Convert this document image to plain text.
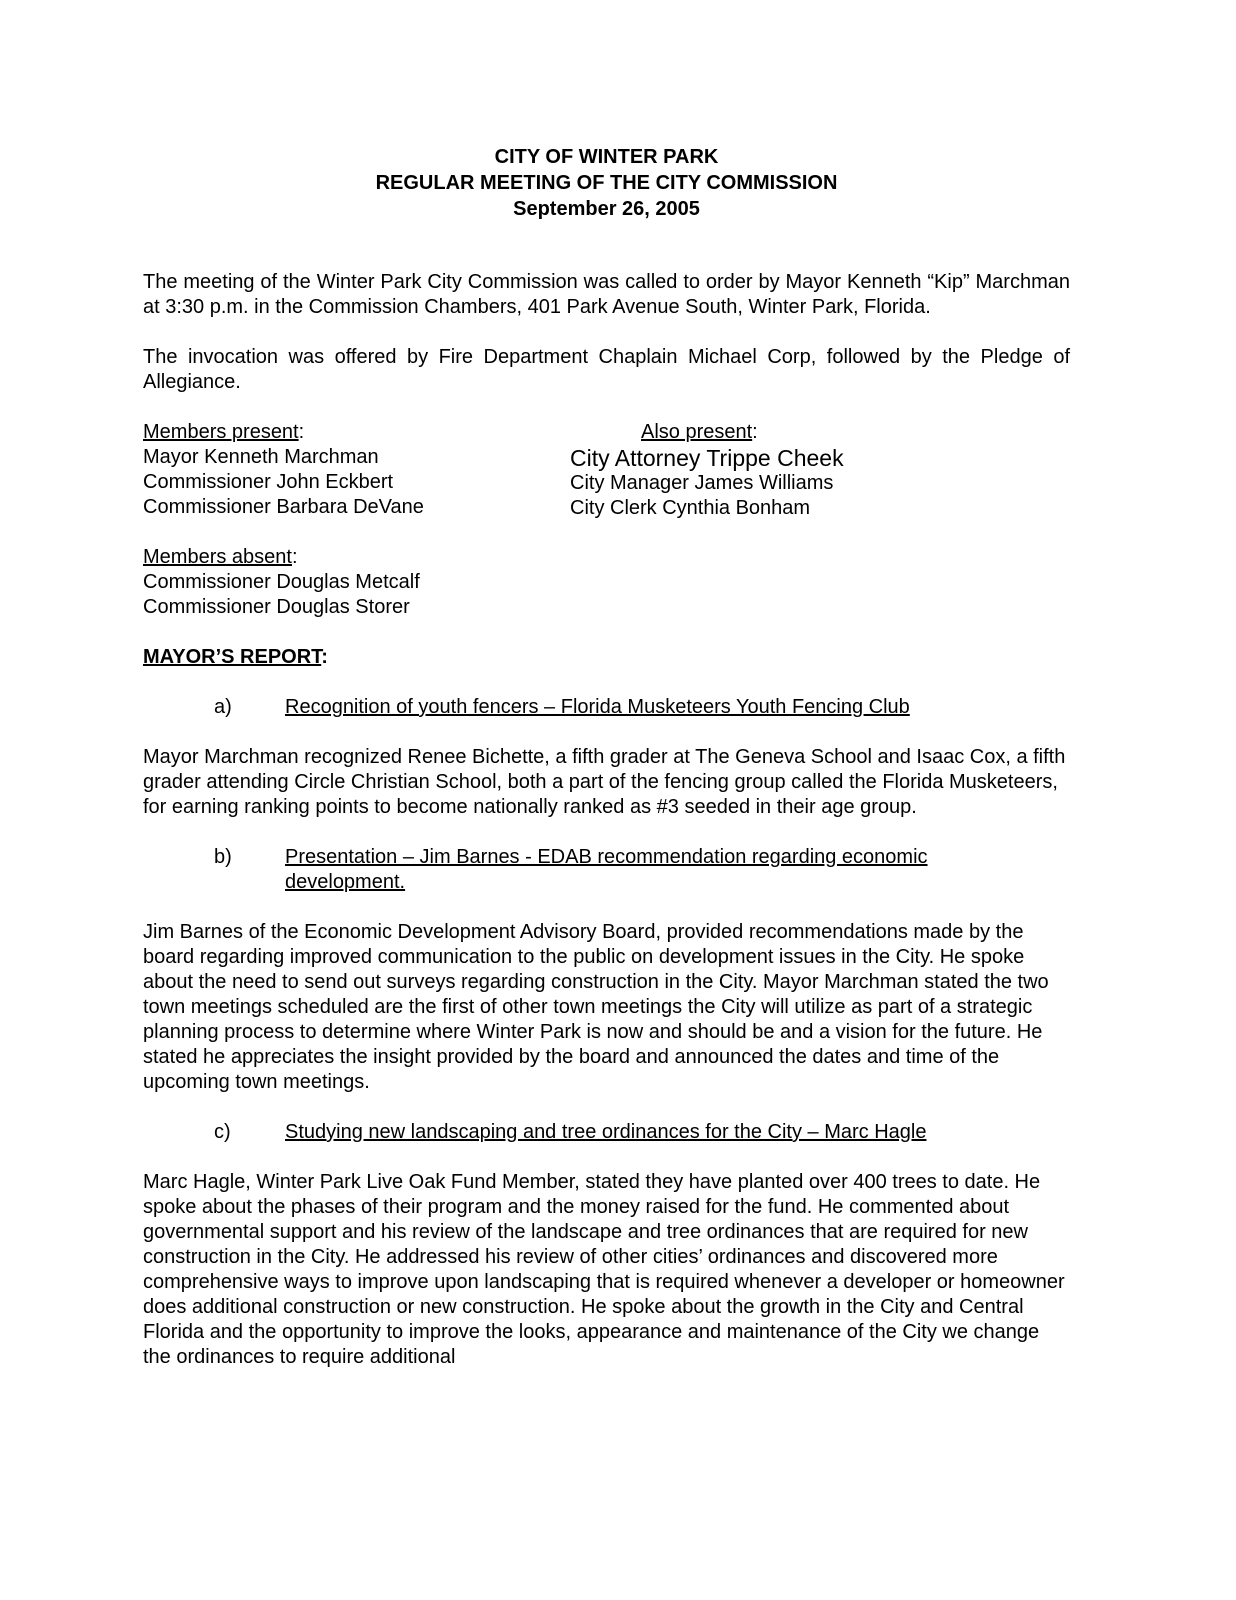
CITY OF WINTER PARK
REGULAR MEETING OF THE CITY COMMISSION
September 26, 2005

The meeting of the Winter Park City Commission was called to order by Mayor Kenneth “Kip” Marchman at 3:30 p.m. in the Commission Chambers, 401 Park Avenue South, Winter Park, Florida.

The invocation was offered by Fire Department Chaplain Michael Corp, followed by the Pledge of Allegiance.

Members present:
Mayor Kenneth Marchman
Commissioner John Eckbert
Commissioner Barbara DeVane
Also present:
City Attorney Trippe Cheek
City Manager James Williams
City Clerk Cynthia Bonham
Members absent:
Commissioner Douglas Metcalf
Commissioner Douglas Storer
MAYOR’S REPORT:
a)	Recognition of youth fencers – Florida Musketeers Youth Fencing Club

Mayor Marchman recognized Renee Bichette, a fifth grader at The Geneva School and Isaac Cox, a fifth grader attending Circle Christian School, both a part of the fencing group called the Florida Musketeers, for earning ranking points to become nationally ranked as #3 seeded in their age group.

b)	Presentation – Jim Barnes - EDAB recommendation regarding economic
development.

Jim Barnes of the Economic Development Advisory Board, provided recommendations made by the board regarding improved communication to the public on development issues in the City. He spoke about the need to send out surveys regarding construction in the City. Mayor Marchman stated the two town meetings scheduled are the first of other town meetings the City will utilize as part of a strategic planning process to determine where Winter Park is now and should be and a vision for the future. He stated he appreciates the insight provided by the board and announced the dates and time of the upcoming town meetings.

c)	Studying new landscaping and tree ordinances for the City – Marc Hagle

Marc Hagle, Winter Park Live Oak Fund Member, stated they have planted over 400 trees to date. He spoke about the phases of their program and the money raised for the fund. He commented about governmental support and his review of the landscape and tree ordinances that are required for new construction in the City. He addressed his review of other cities’ ordinances and discovered more comprehensive ways to improve upon landscaping that is required whenever a developer or homeowner does additional construction or new construction. He spoke about the growth in the City and Central Florida and the opportunity to improve the looks, appearance and maintenance of the City we change the ordinances to require additional
